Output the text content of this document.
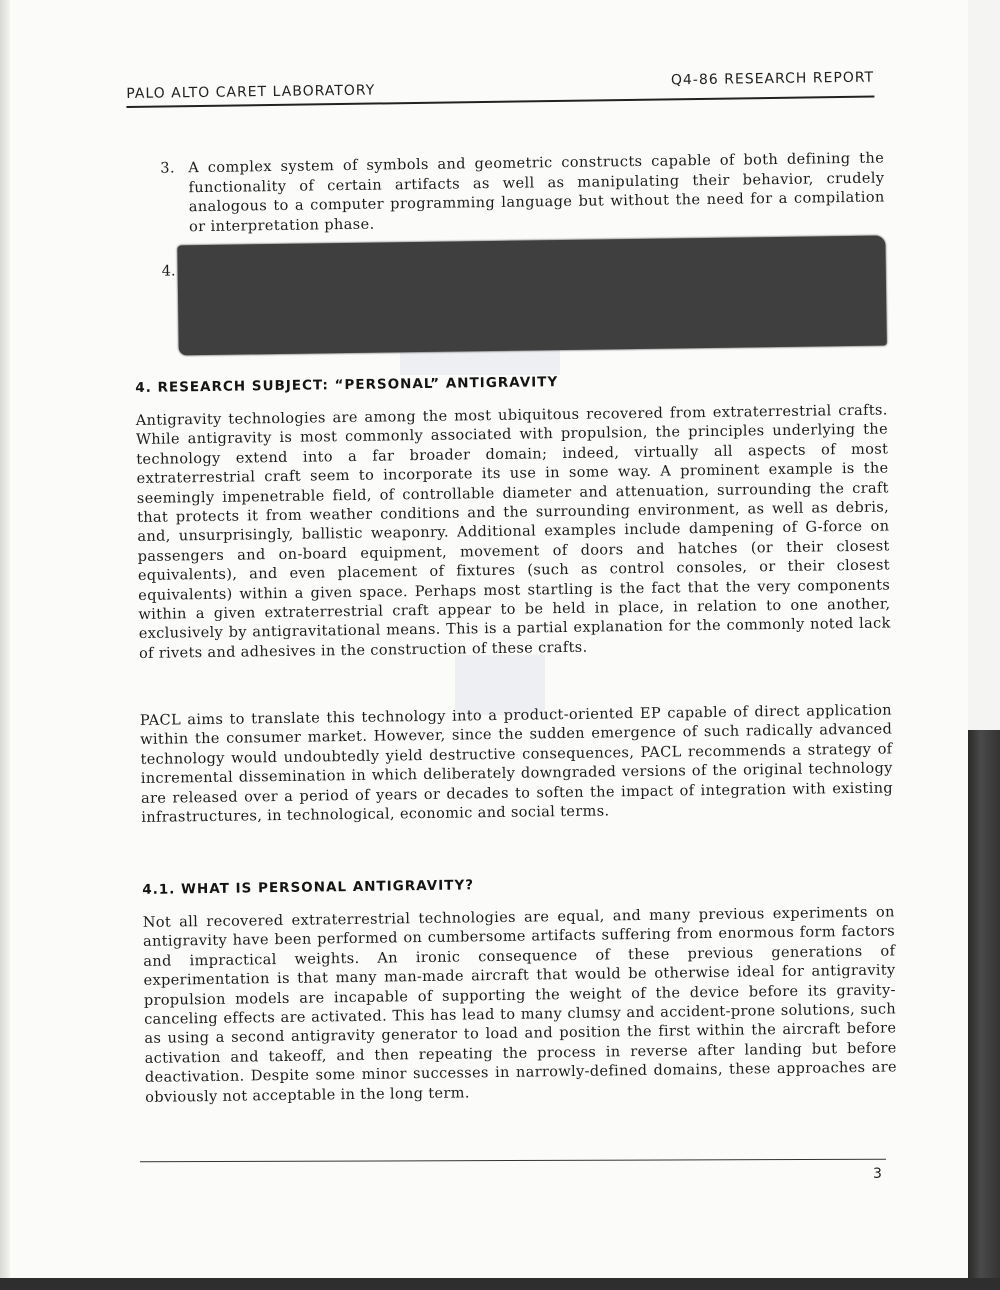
PALO ALTO CARET LABORATORY
Q4-86 RESEARCH REPORT
3. A complex system of symbols and geometric constructs capable of both defining the functionality of certain artifacts as well as manipulating their behavior, crudely analogous to a computer programming language but without the need for a compilation or interpretation phase.
4.
4. RESEARCH SUBJECT: “PERSONAL” ANTIGRAVITY
Antigravity technologies are among the most ubiquitous recovered from extraterrestrial crafts. While antigravity is most commonly associated with propulsion, the principles underlying the technology extend into a far broader domain; indeed, virtually all aspects of most extraterrestrial craft seem to incorporate its use in some way. A prominent example is the seemingly impenetrable field, of controllable diameter and attenuation, surrounding the craft that protects it from weather conditions and the surrounding environment, as well as debris, and, unsurprisingly, ballistic weaponry. Additional examples include dampening of G-force on passengers and on-board equipment, movement of doors and hatches (or their closest equivalents), and even placement of fixtures (such as control consoles, or their closest equivalents) within a given space. Perhaps most startling is the fact that the very components within a given extraterrestrial craft appear to be held in place, in relation to one another, exclusively by antigravitational means. This is a partial explanation for the commonly noted lack of rivets and adhesives in the construction of these crafts.
PACL aims to translate this technology into a product-oriented EP capable of direct application within the consumer market. However, since the sudden emergence of such radically advanced technology would undoubtedly yield destructive consequences, PACL recommends a strategy of incremental dissemination in which deliberately downgraded versions of the original technology are released over a period of years or decades to soften the impact of integration with existing infrastructures, in technological, economic and social terms.
4.1. WHAT IS PERSONAL ANTIGRAVITY?
Not all recovered extraterrestrial technologies are equal, and many previous experiments on antigravity have been performed on cumbersome artifacts suffering from enormous form factors and impractical weights. An ironic consequence of these previous generations of experimentation is that many man-made aircraft that would be otherwise ideal for antigravity propulsion models are incapable of supporting the weight of the device before its gravity-canceling effects are activated. This has lead to many clumsy and accident-prone solutions, such as using a second antigravity generator to load and position the first within the aircraft before activation and takeoff, and then repeating the process in reverse after landing but before deactivation. Despite some minor successes in narrowly-defined domains, these approaches are obviously not acceptable in the long term.
3
